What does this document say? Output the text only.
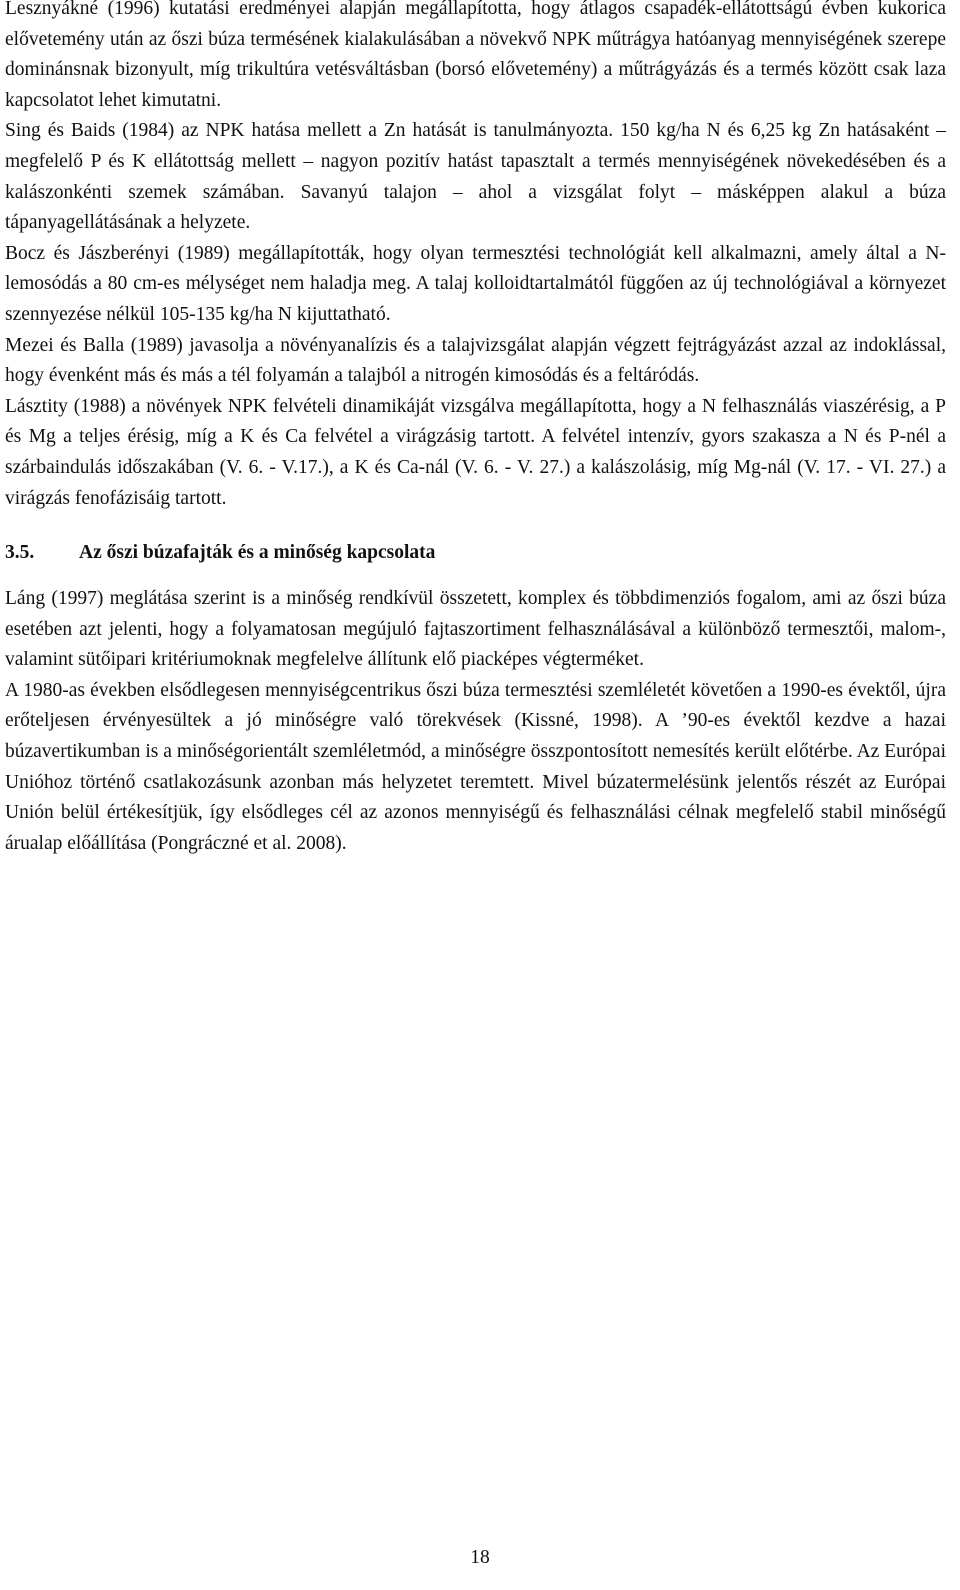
Lesznyákné (1996) kutatási eredményei alapján megállapította, hogy átlagos csapadék-ellátottságú évben kukorica elővetemény után az őszi búza termésének kialakulásában a növekvő NPK műtrágya hatóanyag mennyiségének szerepe dominánsnak bizonyult, míg trikultúra vetésváltásban (borsó elővetemény) a műtrágyázás és a termés között csak laza kapcsolatot lehet kimutatni.

Sing és Baids (1984) az NPK hatása mellett a Zn hatását is tanulmányozta. 150 kg/ha N és 6,25 kg Zn hatásaként – megfelelő P és K ellátottság mellett – nagyon pozitív hatást tapasztalt a termés mennyiségének növekedésében és a kalászonkénti szemek számában. Savanyú talajon – ahol a vizsgálat folyt – másképpen alakul a búza tápanyagellátásának a helyzete.

Bocz és Jászberényi (1989) megállapították, hogy olyan termesztési technológiát kell alkalmazni, amely által a N-lemosódás a 80 cm-es mélységet nem haladja meg. A talaj kolloidtartalmától függően az új technológiával a környezet szennyezése nélkül 105-135 kg/ha N kijuttatható.

Mezei és Balla (1989) javasolja a növényanalízis és a talajvizsgálat alapján végzett fejtrágyázást azzal az indoklással, hogy évenként más és más a tél folyamán a talajból a nitrogén kimosódás és a feltáródás.

Lásztity (1988) a növények NPK felvételi dinamikáját vizsgálva megállapította, hogy a N felhasználás viaszérésig, a P és Mg a teljes érésig, míg a K és Ca felvétel a virágzásig tartott. A felvétel intenzív, gyors szakasza a N és P-nél a szárbaindulás időszakában (V. 6. - V.17.), a K és Ca-nál (V. 6. - V. 27.) a kalászolásig, míg Mg-nál (V. 17. - VI. 27.) a virágzás fenofázisáig tartott.

3.5.	Az őszi búzafajták és a minőség kapcsolata

Láng (1997) meglátása szerint is a minőség rendkívül összetett, komplex és többdimenziós fogalom, ami az őszi búza esetében azt jelenti, hogy a folyamatosan megújuló fajtaszortiment felhasználásával a különböző termesztői, malom-, valamint sütőipari kritériumoknak megfelelve állítunk elő piacképes végterméket.

A 1980-as években elsődlegesen mennyiségcentrikus őszi búza termesztési szemléletét követően a 1990-es évektől, újra erőteljesen érvényesültek a jó minőségre való törekvések (Kissné, 1998). A ’90-es évektől kezdve a hazai búzavertikumban is a minőségorientált szemléletmód, a minőségre összpontosított nemesítés került előtérbe. Az Európai Unióhoz történő csatlakozásunk azonban más helyzetet teremtett. Mivel búzatermelésünk jelentős részét az Európai Unión belül értékesítjük, így elsődleges cél az azonos mennyiségű és felhasználási célnak megfelelő stabil minőségű árualap előállítása (Pongráczné et al. 2008).

18
